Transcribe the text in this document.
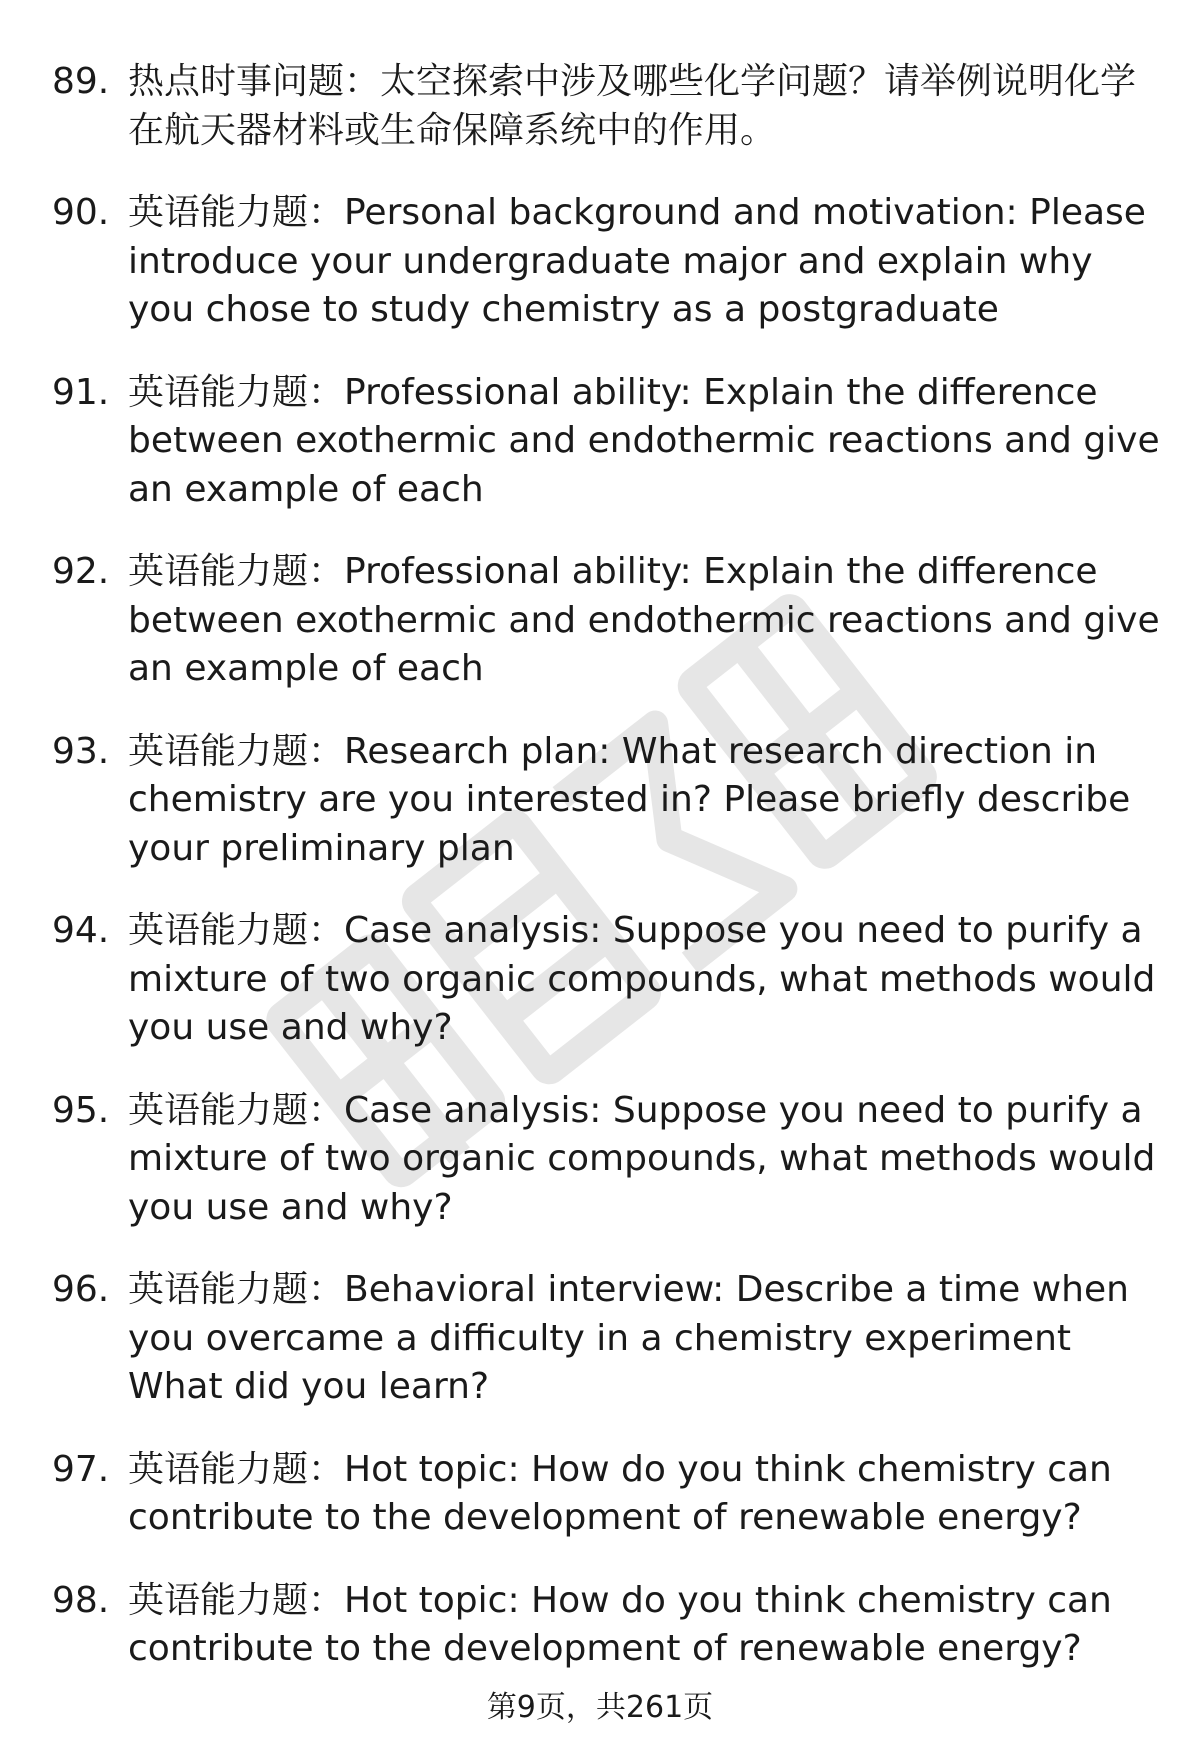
89. 热点时事问题：太空探索中涉及哪些化学问题？请举例说明化学在航天器材料或生命保障系统中的作用。
90. 英语能力题：Personal background and motivation: Please introduce your undergraduate major and explain why you chose to study chemistry as a postgraduate
91. 英语能力题：Professional ability: Explain the difference between exothermic and endothermic reactions and give an example of each
92. 英语能力题：Professional ability: Explain the difference between exothermic and endothermic reactions and give an example of each
93. 英语能力题：Research plan: What research direction in chemistry are you interested in? Please briefly describe your preliminary plan
94. 英语能力题：Case analysis: Suppose you need to purify a mixture of two organic compounds, what methods would you use and why?
95. 英语能力题：Case analysis: Suppose you need to purify a mixture of two organic compounds, what methods would you use and why?
96. 英语能力题：Behavioral interview: Describe a time when you overcame a difficulty in a chemistry experiment What did you learn?
97. 英语能力题：Hot topic: How do you think chemistry can contribute to the development of renewable energy?
98. 英语能力题：Hot topic: How do you think chemistry can contribute to the development of renewable energy?
第9页，共261页
